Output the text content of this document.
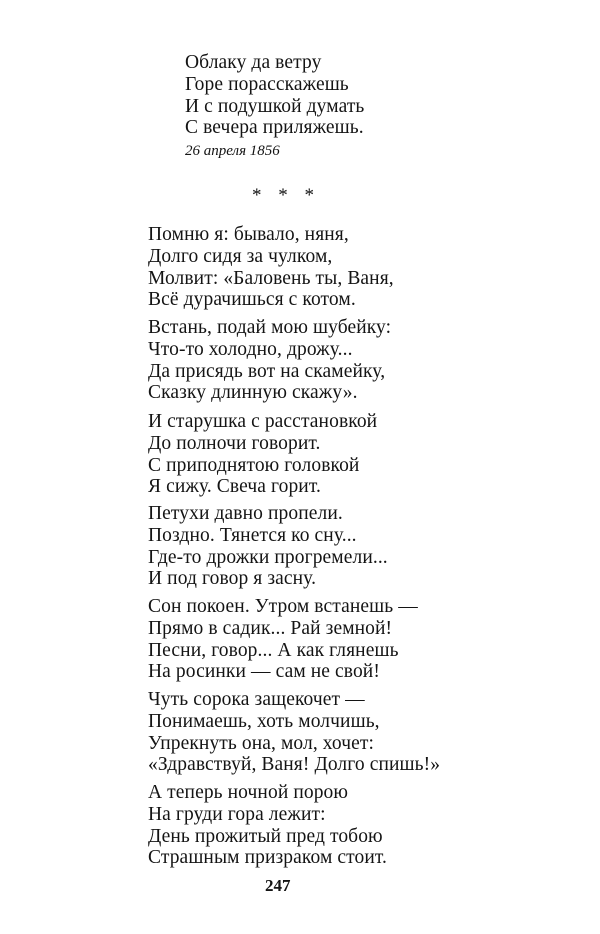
Облаку да ветру
Горе порасскажешь
И с подушкой думать
С вечера приляжешь.
26 апреля 1856
* * *
Помню я: бывало, няня,
Долго сидя за чулком,
Молвит: «Баловень ты, Ваня,
Всё дурачишься с котом.
Встань, подай мою шубейку:
Что-то холодно, дрожу...
Да присядь вот на скамейку,
Сказку длинную скажу».
И старушка с расстановкой
До полночи говорит.
С приподнятою головкой
Я сижу. Свеча горит.
Петухи давно пропели.
Поздно. Тянется ко сну...
Где-то дрожки прогремели...
И под говор я засну.
Сон покоен. Утром встанешь —
Прямо в садик... Рай земной!
Песни, говор... А как глянешь
На росинки — сам не свой!
Чуть сорока защекочет —
Понимаешь, хоть молчишь,
Упрекнуть она, мол, хочет:
«Здравствуй, Ваня! Долго спишь!»
А теперь ночной порою
На груди гора лежит:
День прожитый пред тобою
Страшным призраком стоит.
247
